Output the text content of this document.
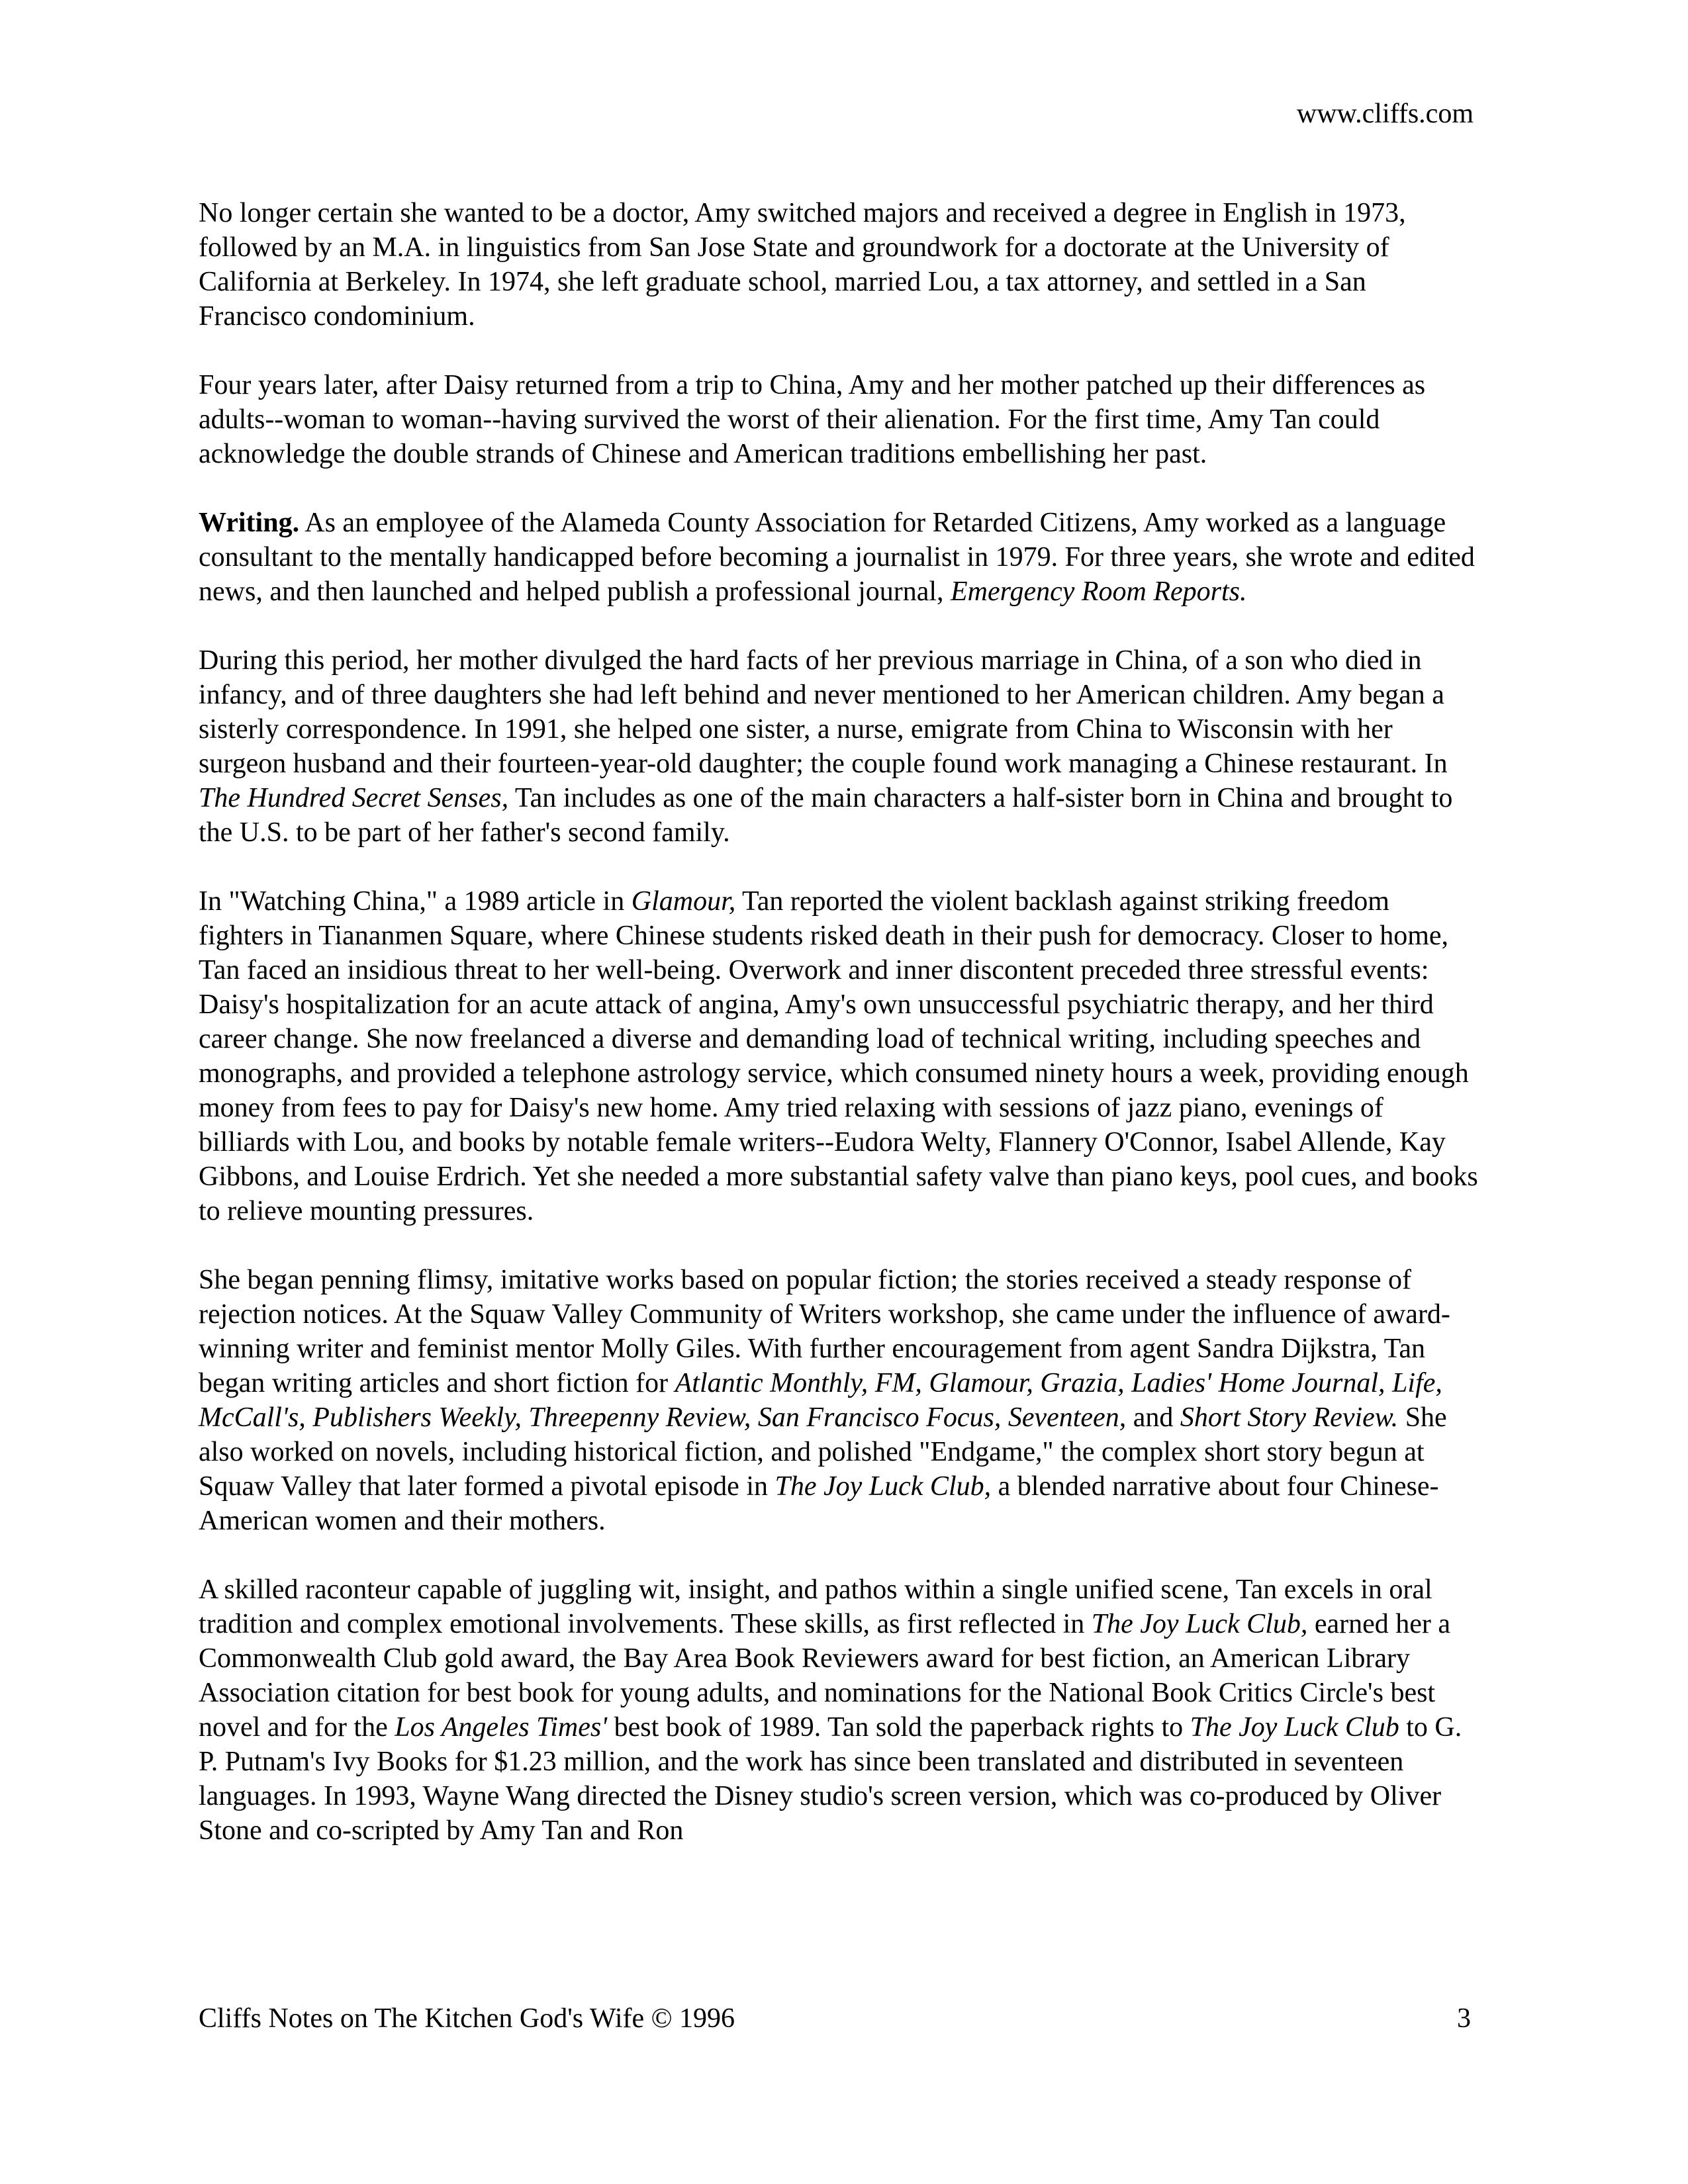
www.cliffs.com

No longer certain she wanted to be a doctor, Amy switched majors and received a degree in English in 1973, followed by an M.A. in linguistics from San Jose State and groundwork for a doctorate at the University of California at Berkeley. In 1974, she left graduate school, married Lou, a tax attorney, and settled in a San Francisco condominium.

Four years later, after Daisy returned from a trip to China, Amy and her mother patched up their differences as adults--woman to woman--having survived the worst of their alienation. For the first time, Amy Tan could acknowledge the double strands of Chinese and American traditions embellishing her past.

Writing. As an employee of the Alameda County Association for Retarded Citizens, Amy worked as a language consultant to the mentally handicapped before becoming a journalist in 1979. For three years, she wrote and edited news, and then launched and helped publish a professional journal, Emergency Room Reports.

During this period, her mother divulged the hard facts of her previous marriage in China, of a son who died in infancy, and of three daughters she had left behind and never mentioned to her American children. Amy began a sisterly correspondence. In 1991, she helped one sister, a nurse, emigrate from China to Wisconsin with her surgeon husband and their fourteen-year-old daughter; the couple found work managing a Chinese restaurant. In The Hundred Secret Senses, Tan includes as one of the main characters a half-sister born in China and brought to the U.S. to be part of her father's second family.

In "Watching China," a 1989 article in Glamour, Tan reported the violent backlash against striking freedom fighters in Tiananmen Square, where Chinese students risked death in their push for democracy. Closer to home, Tan faced an insidious threat to her well-being. Overwork and inner discontent preceded three stressful events: Daisy's hospitalization for an acute attack of angina, Amy's own unsuccessful psychiatric therapy, and her third career change. She now freelanced a diverse and demanding load of technical writing, including speeches and monographs, and provided a telephone astrology service, which consumed ninety hours a week, providing enough money from fees to pay for Daisy's new home. Amy tried relaxing with sessions of jazz piano, evenings of billiards with Lou, and books by notable female writers--Eudora Welty, Flannery O'Connor, Isabel Allende, Kay Gibbons, and Louise Erdrich. Yet she needed a more substantial safety valve than piano keys, pool cues, and books to relieve mounting pressures.

She began penning flimsy, imitative works based on popular fiction; the stories received a steady response of rejection notices. At the Squaw Valley Community of Writers workshop, she came under the influence of award-winning writer and feminist mentor Molly Giles. With further encouragement from agent Sandra Dijkstra, Tan began writing articles and short fiction for Atlantic Monthly, FM, Glamour, Grazia, Ladies' Home Journal, Life, McCall's, Publishers Weekly, Threepenny Review, San Francisco Focus, Seventeen, and Short Story Review. She also worked on novels, including historical fiction, and polished "Endgame," the complex short story begun at Squaw Valley that later formed a pivotal episode in The Joy Luck Club, a blended narrative about four Chinese-American women and their mothers.

A skilled raconteur capable of juggling wit, insight, and pathos within a single unified scene, Tan excels in oral tradition and complex emotional involvements. These skills, as first reflected in The Joy Luck Club, earned her a Commonwealth Club gold award, the Bay Area Book Reviewers award for best fiction, an American Library Association citation for best book for young adults, and nominations for the National Book Critics Circle's best novel and for the Los Angeles Times' best book of 1989. Tan sold the paperback rights to The Joy Luck Club to G. P. Putnam's Ivy Books for $1.23 million, and the work has since been translated and distributed in seventeen languages. In 1993, Wayne Wang directed the Disney studio's screen version, which was co-produced by Oliver Stone and co-scripted by Amy Tan and Ron

Cliffs Notes on The Kitchen God's Wife © 1996	3
